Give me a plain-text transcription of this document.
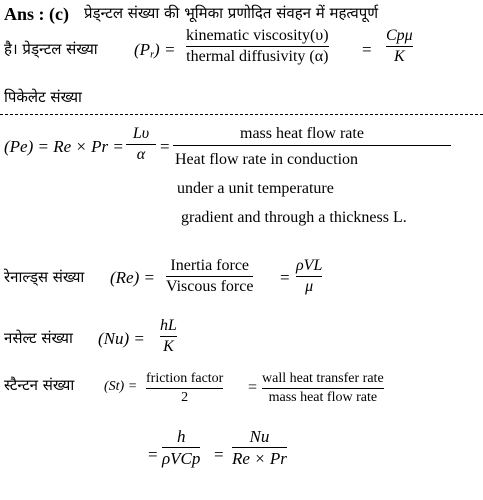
Ans : (c) प्रेड्न्टल संख्या की भूमिका प्रणोदित संवहन में महत्वपूर्ण
है। प्रेड्न्टल संख्या $(P_r)$ =
kinematic viscosity(υ)
thermal diffusivity (α) =
Cpμ
K
पिकेलेट संख्या
(Pe) = Re × Pr =
Lυ
α =
mass heat flow rate
Heat flow rate in conduction
under a unit temperature
gradient and through a thickness L.
रेनाल्ड्स संख्या (Re) =
Inertia force
Viscous force =
ρVL
μ
नसेल्ट संख्या (Nu) =
hL
K
स्टैन्टन संख्या (St) =
friction factor
2
=
wall heat transfer rate
mass heat flow rate
=
h
ρVCp =
Nu
Re × Pr
